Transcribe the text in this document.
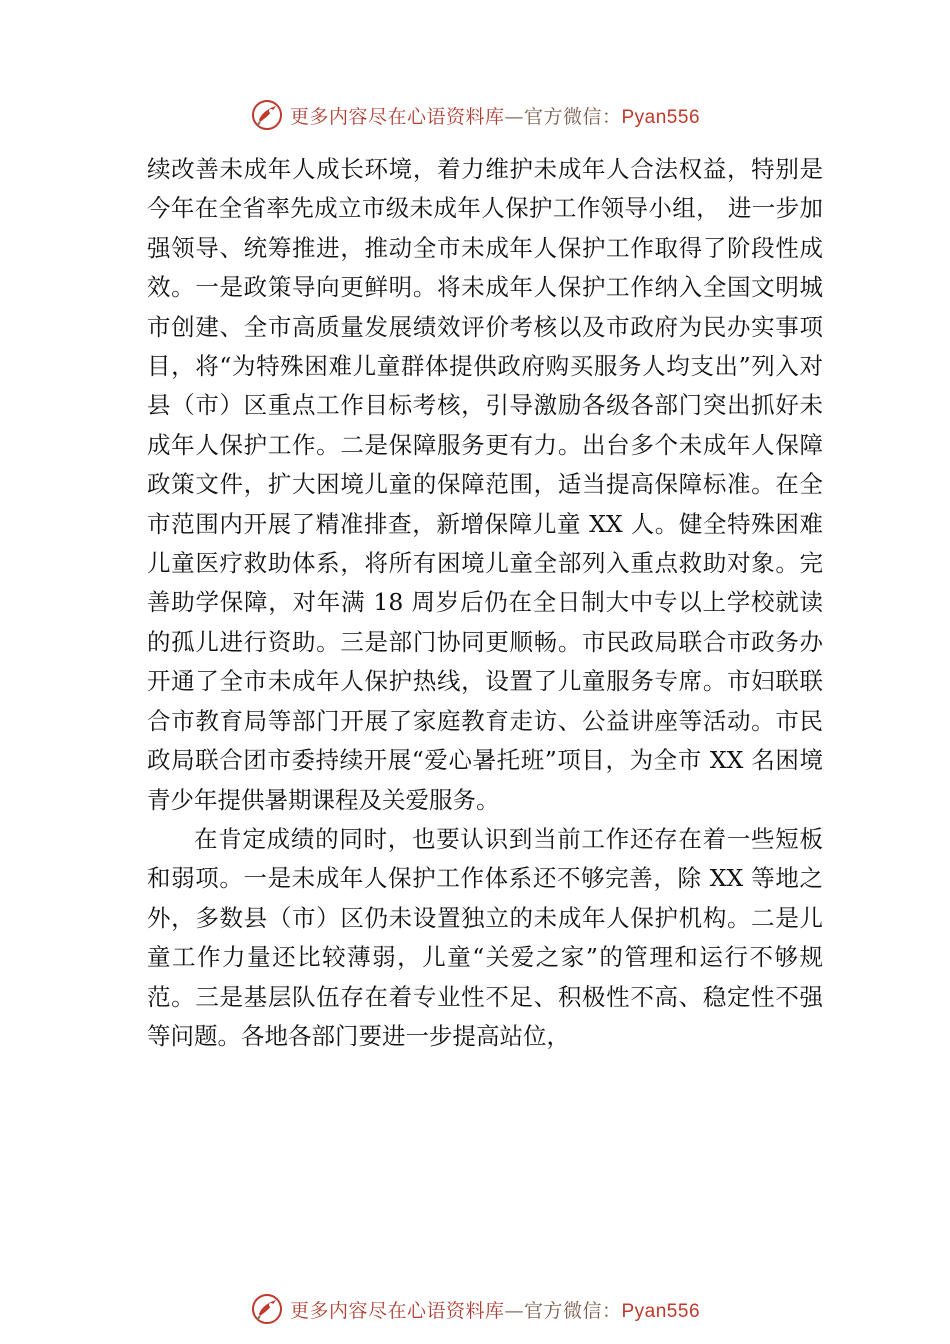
更多内容尽在心语资料库—官方微信：Pyan556

续改善未成年人成长环境，着力维护未成年人合法权益，特别是今年在全省率先成立市级未成年人保护工作领导小组， 进一步加强领导、统筹推进，推动全市未成年人保护工作取得了阶段性成效。一是政策导向更鲜明。将未成年人保护工作纳入全国文明城市创建、全市高质量发展绩效评价考核以及市政府为民办实事项目，将“为特殊困难儿童群体提供政府购买服务人均支出”列入对县（市）区重点工作目标考核，引导激励各级各部门突出抓好未成年人保护工作。二是保障服务更有力。出台多个未成年人保障政策文件，扩大困境儿童的保障范围，适当提高保障标准。在全市范围内开展了精准排查，新增保障儿童 XX 人。健全特殊困难儿童医疗救助体系，将所有困境儿童全部列入重点救助对象。完善助学保障，对年满 18 周岁后仍在全日制大中专以上学校就读的孤儿进行资助。三是部门协同更顺畅。市民政局联合市政务办开通了全市未成年人保护热线，设置了儿童服务专席。市妇联联合市教育局等部门开展了家庭教育走访、公益讲座等活动。市民政局联合团市委持续开展“爱心暑托班”项目，为全市 XX 名困境青少年提供暑期课程及关爱服务。

在肯定成绩的同时，也要认识到当前工作还存在着一些短板和弱项。一是未成年人保护工作体系还不够完善，除 XX 等地之外，多数县（市）区仍未设置独立的未成年人保护机构。二是儿童工作力量还比较薄弱，儿童“关爱之家”的管理和运行不够规范。三是基层队伍存在着专业性不足、积极性不高、稳定性不强等问题。各地各部门要进一步提高站位，

更多内容尽在心语资料库—官方微信：Pyan556
